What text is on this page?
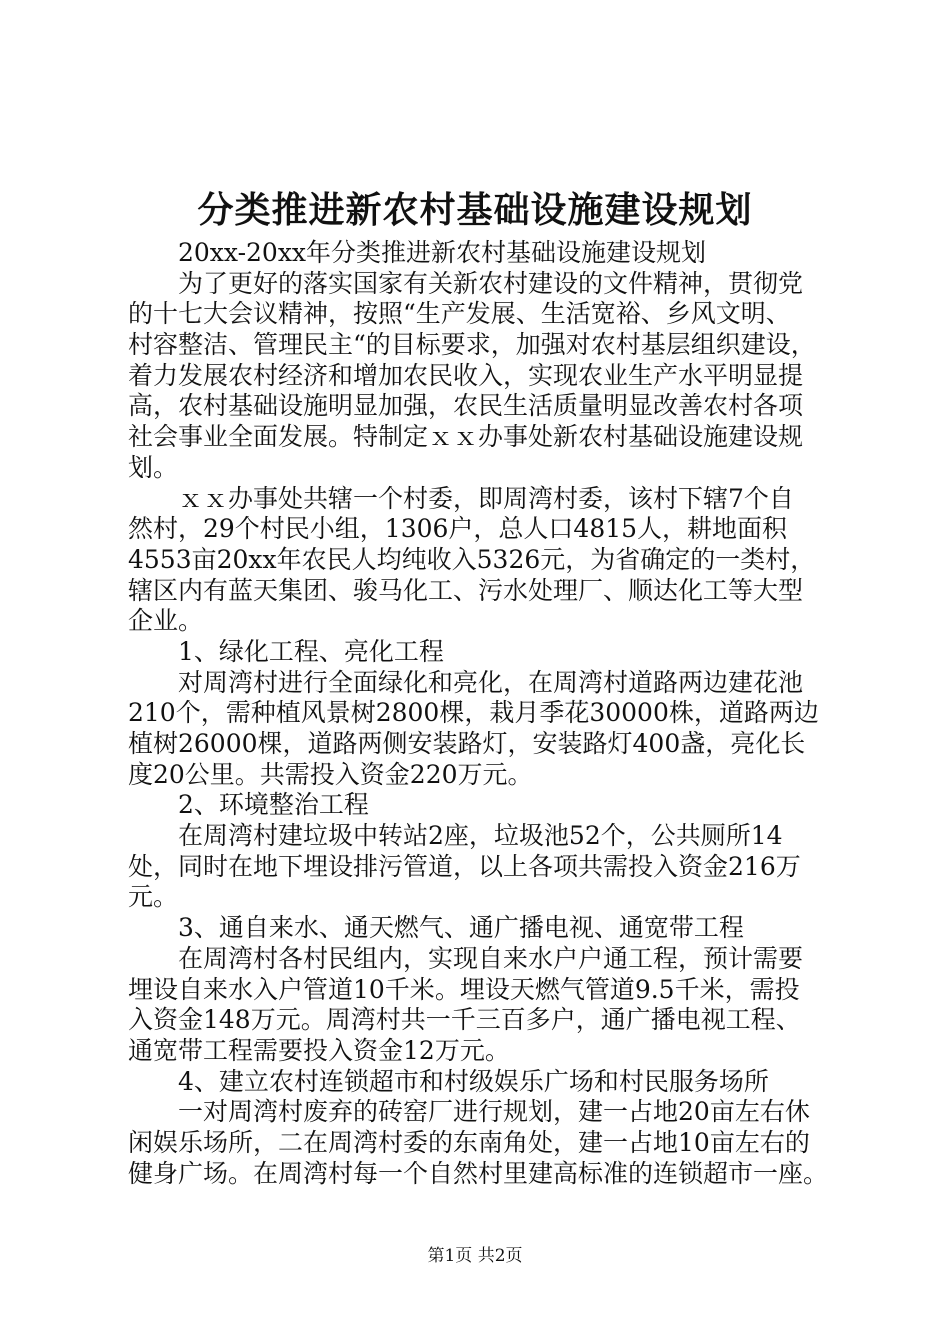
分类推进新农村基础设施建设规划
20xx-20xx年分类推进新农村基础设施建设规划
为了更好的落实国家有关新农村建设的文件精神，贯彻党
的十七大会议精神，按照“生产发展、生活宽裕、乡风文明、
村容整洁、管理民主“的目标要求，加强对农村基层组织建设，
着力发展农村经济和增加农民收入，实现农业生产水平明显提
高，农村基础设施明显加强，农民生活质量明显改善农村各项
社会事业全面发展。特制定ｘｘ办事处新农村基础设施建设规
划。
ｘｘ办事处共辖一个村委，即周湾村委，该村下辖7个自
然村，29个村民小组，1306户，总人口4815人，耕地面积
4553亩20xx年农民人均纯收入5326元，为省确定的一类村，
辖区内有蓝天集团、骏马化工、污水处理厂、顺达化工等大型
企业。
1、绿化工程、亮化工程
对周湾村进行全面绿化和亮化，在周湾村道路两边建花池
210个，需种植风景树2800棵，栽月季花30000株，道路两边
植树26000棵，道路两侧安装路灯，安装路灯400盏，亮化长
度20公里。共需投入资金220万元。
2、环境整治工程
在周湾村建垃圾中转站2座，垃圾池52个，公共厕所14
处，同时在地下埋设排污管道，以上各项共需投入资金216万
元。
3、通自来水、通天燃气、通广播电视、通宽带工程
在周湾村各村民组内，实现自来水户户通工程，预计需要
埋设自来水入户管道10千米。埋设天燃气管道9.5千米，需投
入资金148万元。周湾村共一千三百多户，通广播电视工程、
通宽带工程需要投入资金12万元。
4、建立农村连锁超市和村级娱乐广场和村民服务场所
一对周湾村废弃的砖窑厂进行规划，建一占地20亩左右休
闲娱乐场所，二在周湾村委的东南角处，建一占地10亩左右的
健身广场。在周湾村每一个自然村里建高标准的连锁超市一座。
第1页 共2页
